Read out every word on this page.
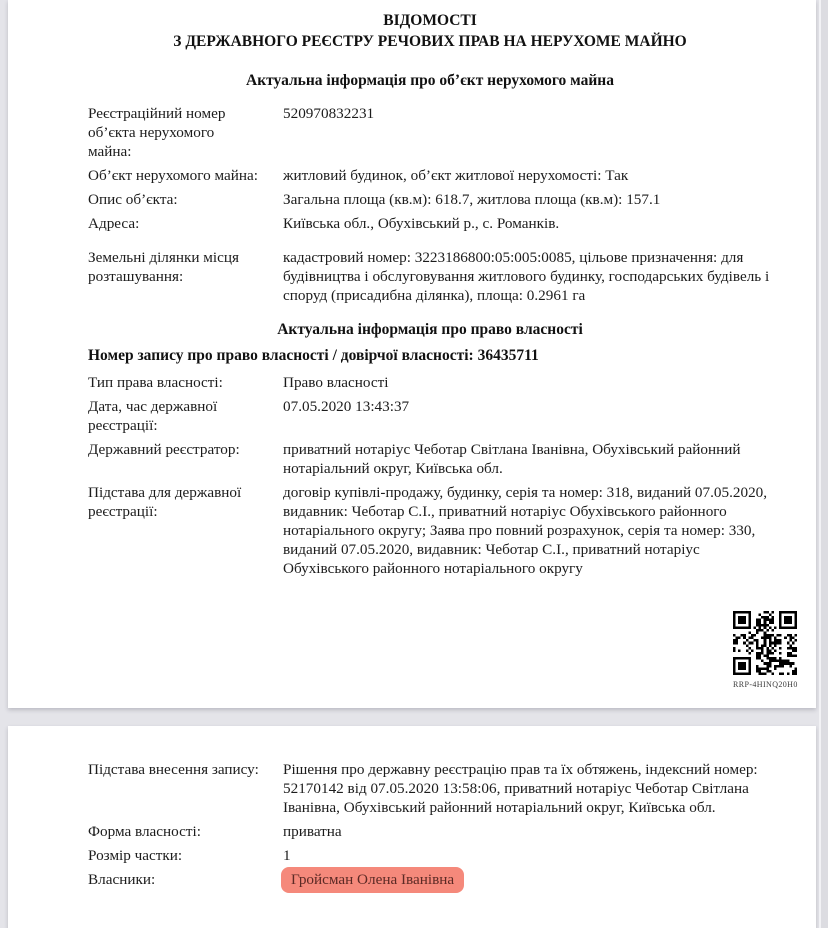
ВІДОМОСТІ
З ДЕРЖАВНОГО РЕЄСТРУ РЕЧОВИХ ПРАВ НА НЕРУХОМЕ МАЙНО
Актуальна інформація про об’єкт нерухомого майна
Реєстраційний номер об’єкта нерухомого майна:
520970832231
Об’єкт нерухомого майна: житловий будинок, об’єкт житлової нерухомості: Так
Опис об’єкта:	Загальна площа (кв.м): 618.7, житлова площа (кв.м): 157.1
Адреса:	Київська обл., Обухівський р., с. Романків.
Земельні ділянки місця розташування:
кадастровий номер: 3223186800:05:005:0085, цільове призначення: для будівництва і обслуговування житлового будинку, господарських будівель і споруд (присадибна ділянка), площа: 0.2961 га
Актуальна інформація про право власності
Номер запису про право власності / довірчої власності: 36435711
Тип права власності:	Право власності
Дата, час державної реєстрації:
07.05.2020 13:43:37
Державний реєстратор:	приватний нотаріус Чеботар Світлана Іванівна, Обухівський районний нотаріальний округ, Київська обл.
Підстава для державної реєстрації:
договір купівлі-продажу, будинку, серія та номер: 318, виданий 07.05.2020, видавник: Чеботар С.І., приватний нотаріус Обухівського районного нотаріального округу; Заява про повний розрахунок, серія та номер: 330, виданий 07.05.2020, видавник: Чеботар С.І., приватний нотаріус Обухівського районного нотаріального округу
RRP-4HINQ20H0
Підстава внесення запису: Рішення про державну реєстрацію прав та їх обтяжень, індексний номер: 52170142 від 07.05.2020 13:58:06, приватний нотаріус Чеботар Світлана Іванівна, Обухівський районний нотаріальний округ, Київська обл.
Форма власності:	приватна
Розмір частки:	1
Власники:	Гройсман Олена Іванівна
